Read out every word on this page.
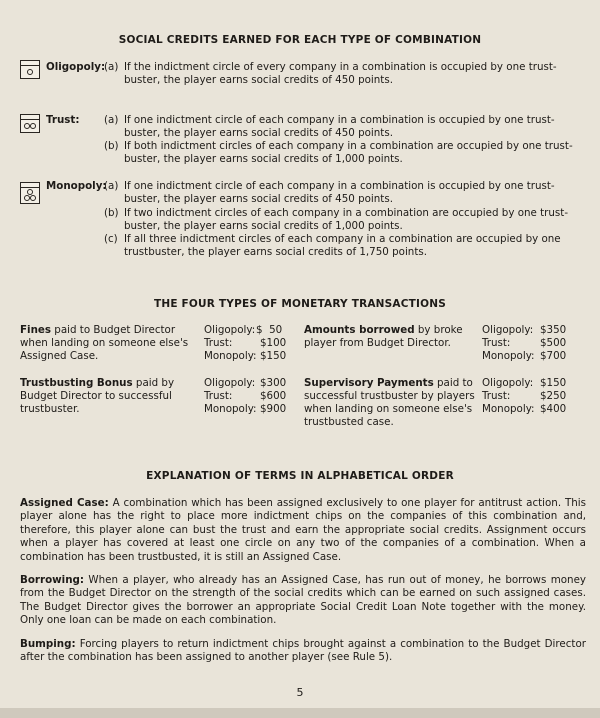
SOCIAL CREDITS EARNED FOR EACH TYPE OF COMBINATION
Oligopoly:
(a) If the indictment circle of every company in a combination is occupied by one trust-
buster, the player earns social credits of 450 points.
Trust: (a) If one indictment circle of each company in a combination is occupied by one trust-
buster, the player earns social credits of 450 points.
(b) If both indictment circles of each company in a combination are occupied by one trust-
buster, the player earns social credits of 1,000 points.
Monopoly:
(a) If one indictment circle of each company in a combination is occupied by one trust-
buster, the player earns social credits of 450 points.
(b) If two indictment circles of each company in a combination are occupied by one trust-
buster, the player earns social credits of 1,000 points.
(c) If all three indictment circles of each company in a combination are occupied by one
trustbuster, the player earns social credits of 1,750 points.
THE FOUR TYPES OF MONETARY TRANSACTIONS
Fines paid to Budget Director
when landing on someone else's
Assigned Case.
Oligopoly:
Trust:
Monopoly:
$  50
$100
$150
Amounts borrowed by broke
player from Budget Director.
Oligopoly:
Trust:
Monopoly:
$350
$500
$700
Trustbusting Bonus paid by
Budget Director to successful
trustbuster.
Oligopoly:
Trust:
Monopoly:
$300
$600
$900
Supervisory Payments paid to
successful trustbuster by players
when landing on someone else's
trustbusted case.
Oligopoly:
Trust:
Monopoly:
$150
$250
$400
EXPLANATION OF TERMS IN ALPHABETICAL ORDER
Assigned Case: A combination which has been assigned exclusively to one player for antitrust action. This player alone has the right to place more indictment chips on the companies of this combination and, therefore, this player alone can bust the trust and earn the appropriate social credits. Assignment occurs when a player has covered at least one circle on any two of the companies of a combination. When a combination has been trustbusted, it is still an Assigned Case.
Borrowing: When a player, who already has an Assigned Case, has run out of money, he borrows money from the Budget Director on the strength of the social credits which can be earned on such assigned cases. The Budget Director gives the borrower an appropriate Social Credit Loan Note together with the money. Only one loan can be made on each combination.
Bumping: Forcing players to return indictment chips brought against a combination to the Budget Director after the combination has been assigned to another player (see Rule 5).
5
